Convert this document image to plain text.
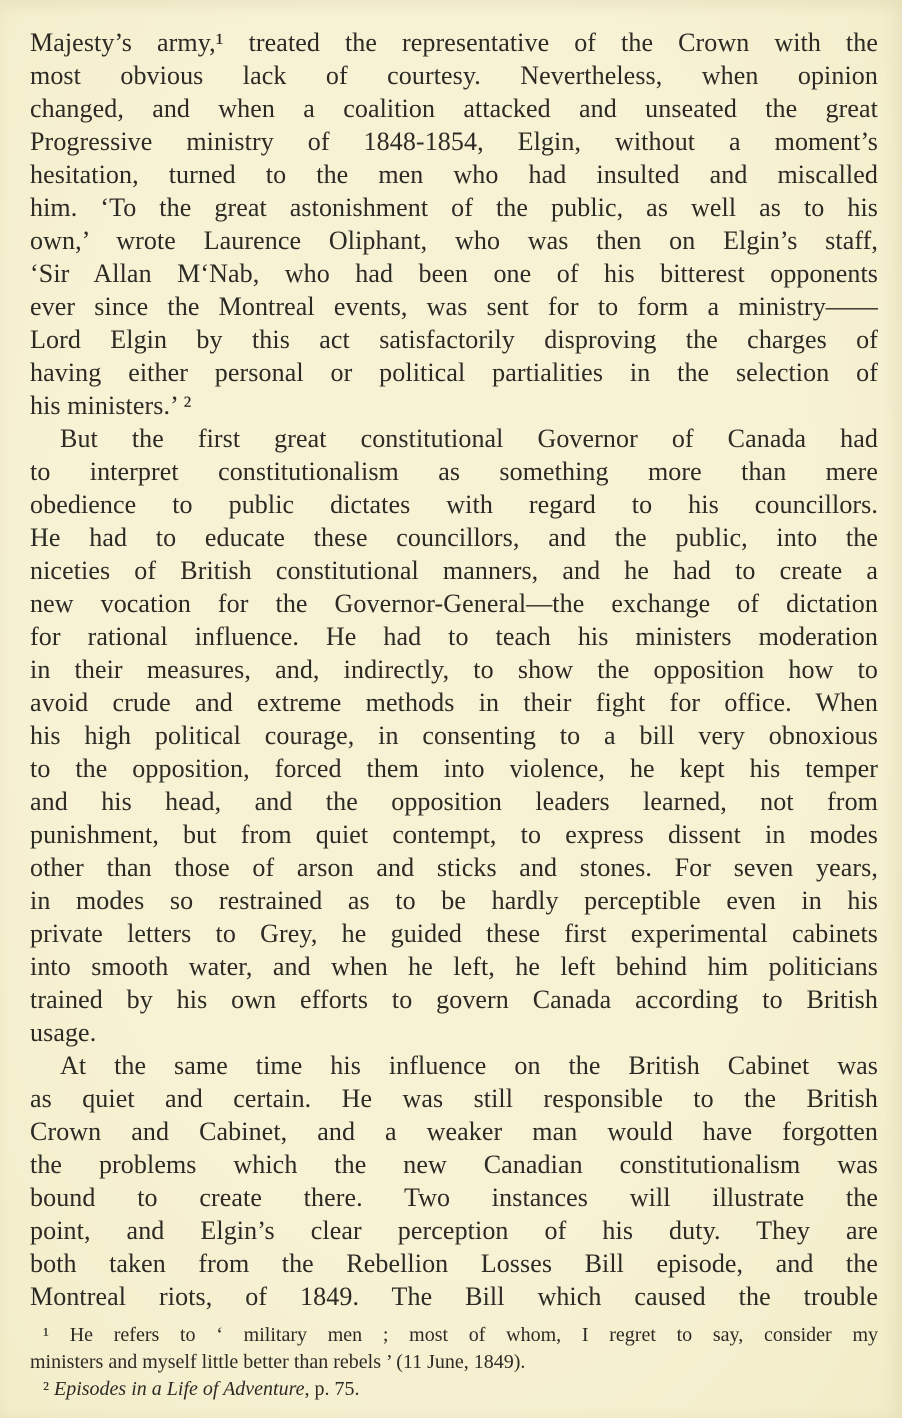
Majesty’s army,¹ treated the representative of the Crown with the
most obvious lack of courtesy. Nevertheless, when opinion
changed, and when a coalition attacked and unseated the great
Progressive ministry of 1848-1854, Elgin, without a moment’s
hesitation, turned to the men who had insulted and miscalled
him. ‘To the great astonishment of the public, as well as to his
own,’ wrote Laurence Oliphant, who was then on Elgin’s staff,
‘Sir Allan M‘Nab, who had been one of his bitterest opponents
ever since the Montreal events, was sent for to form a ministry——
Lord Elgin by this act satisfactorily disproving the charges of
having either personal or political partialities in the selection of
his ministers.’ ²
But the first great constitutional Governor of Canada had
to interpret constitutionalism as something more than mere
obedience to public dictates with regard to his councillors.
He had to educate these councillors, and the public, into the
niceties of British constitutional manners, and he had to create a
new vocation for the Governor-General—the exchange of dictation
for rational influence. He had to teach his ministers moderation
in their measures, and, indirectly, to show the opposition how to
avoid crude and extreme methods in their fight for office. When
his high political courage, in consenting to a bill very obnoxious
to the opposition, forced them into violence, he kept his temper
and his head, and the opposition leaders learned, not from
punishment, but from quiet contempt, to express dissent in modes
other than those of arson and sticks and stones. For seven years,
in modes so restrained as to be hardly perceptible even in his
private letters to Grey, he guided these first experimental cabinets
into smooth water, and when he left, he left behind him politicians
trained by his own efforts to govern Canada according to British
usage.
At the same time his influence on the British Cabinet was
as quiet and certain. He was still responsible to the British
Crown and Cabinet, and a weaker man would have forgotten
the problems which the new Canadian constitutionalism was
bound to create there. Two instances will illustrate the
point, and Elgin’s clear perception of his duty. They are
both taken from the Rebellion Losses Bill episode, and the
Montreal riots, of 1849. The Bill which caused the trouble
¹ He refers to ‘ military men ; most of whom, I regret to say, consider my
ministers and myself little better than rebels ’ (11 June, 1849).
² Episodes in a Life of Adventure, p. 75.
